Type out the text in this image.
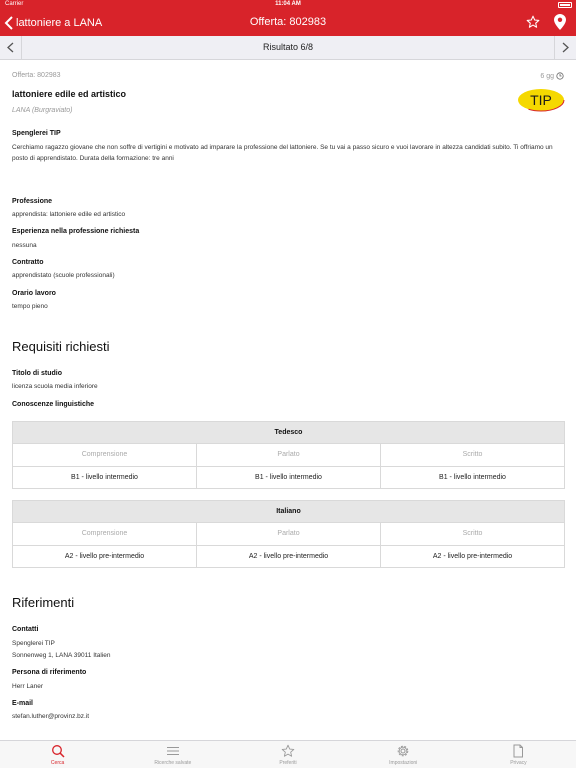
Carrier	11:04 AM
lattoniere a LANA	Offerta: 802983
Risultato 6/8
Offerta: 802983	6 gg
lattoniere edile ed artistico
LANA (Burgraviato)
TIP
Spenglerei TIP
Cerchiamo ragazzo giovane che non soffre di vertigini e motivato ad imparare la professione del lattoniere. Se tu vai a passo sicuro e vuoi lavorare in altezza candidati subito. Ti offriamo un posto di apprendistato. Durata della formazione: tre anni
Professione
apprendista: lattoniere edile ed artistico
Esperienza nella professione richiesta
nessuna
Contratto
apprendistato (scuole professionali)
Orario lavoro
tempo pieno
Requisiti richiesti
Titolo di studio
licenza scuola media inferiore
Conoscenze linguistiche
Tedesco
Comprensione	Parlato	Scritto
B1 - livello intermedio	B1 - livello intermedio	B1 - livello intermedio
Italiano
Comprensione	Parlato	Scritto
A2 - livello pre-intermedio	A2 - livello pre-intermedio	A2 - livello pre-intermedio
Riferimenti
Contatti
Spenglerei TIP
Sonnenweg 1, LANA 39011 Italien
Persona di riferimento
Herr Laner
E-mail
stefan.luther@provinz.bz.it
Cerca	Ricerche salvate	Preferiti	Impostazioni	Privacy
